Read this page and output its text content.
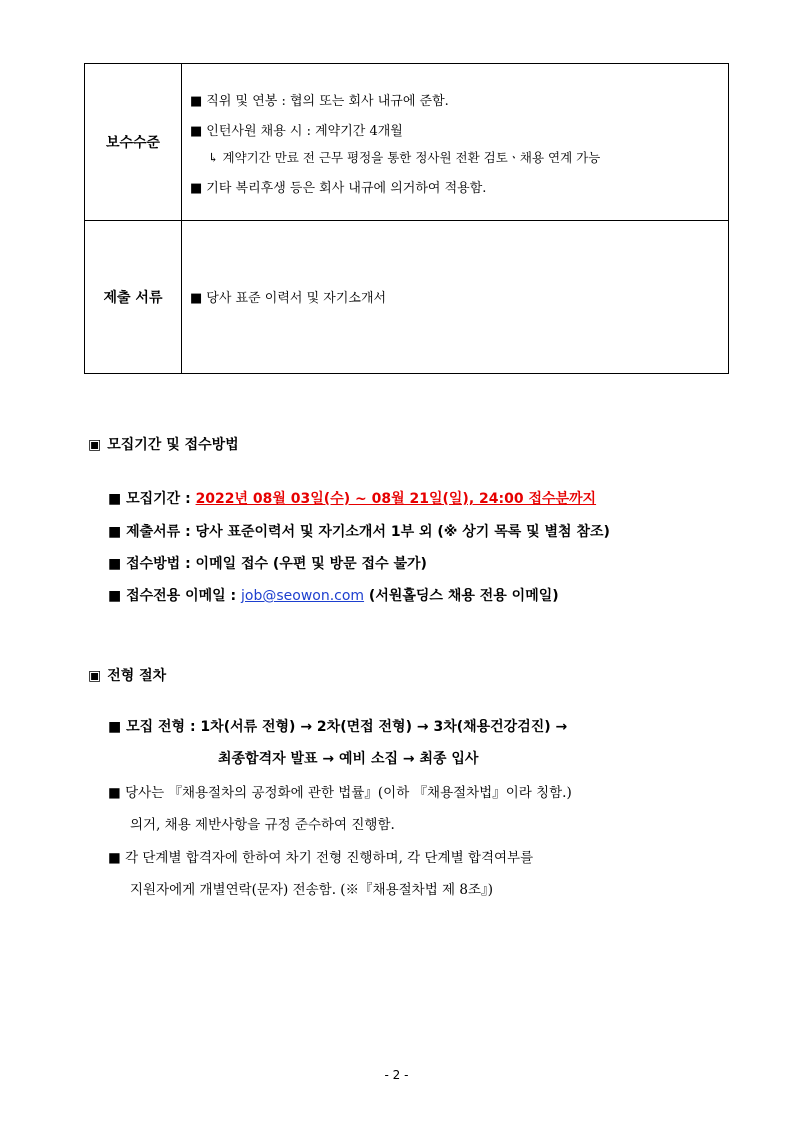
보수수준
■ 직위 및 연봉 : 협의 또는 회사 내규에 준함.
■ 인턴사원 채용 시 : 계약기간 4개월
↳ 계약기간 만료 전 근무 평정을 통한 정사원 전환 검토ㆍ채용 연계 가능
■ 기타 복리후생 등은 회사 내규에 의거하여 적용함.
제출 서류	■ 당사 표준 이력서 및 자기소개서
▣ 모집기간 및 접수방법
■ 모집기간 : 2022년 08월 03일(수) ~ 08월 21일(일), 24:00 접수분까지
■ 제출서류 : 당사 표준이력서 및 자기소개서 1부 외 (※ 상기 목록 및 별첨 참조)
■ 접수방법 : 이메일 접수 (우편 및 방문 접수 불가)
■ 접수전용 이메일 : job@seowon.com (서원홀딩스 채용 전용 이메일)
▣ 전형 절차
■ 모집 전형 : 1차(서류 전형) → 2차(면접 전형) → 3차(채용건강검진) →
최종합격자 발표 → 예비 소집 → 최종 입사
■ 당사는 『채용절차의 공정화에 관한 법률』(이하 『채용절차법』이라 칭함.)
의거, 채용 제반사항을 규정 준수하여 진행함.
■ 각 단계별 합격자에 한하여 차기 전형 진행하며, 각 단계별 합격여부를
지원자에게 개별연락(문자) 전송함. (※『채용절차법 제 8조』)
- 2 -
